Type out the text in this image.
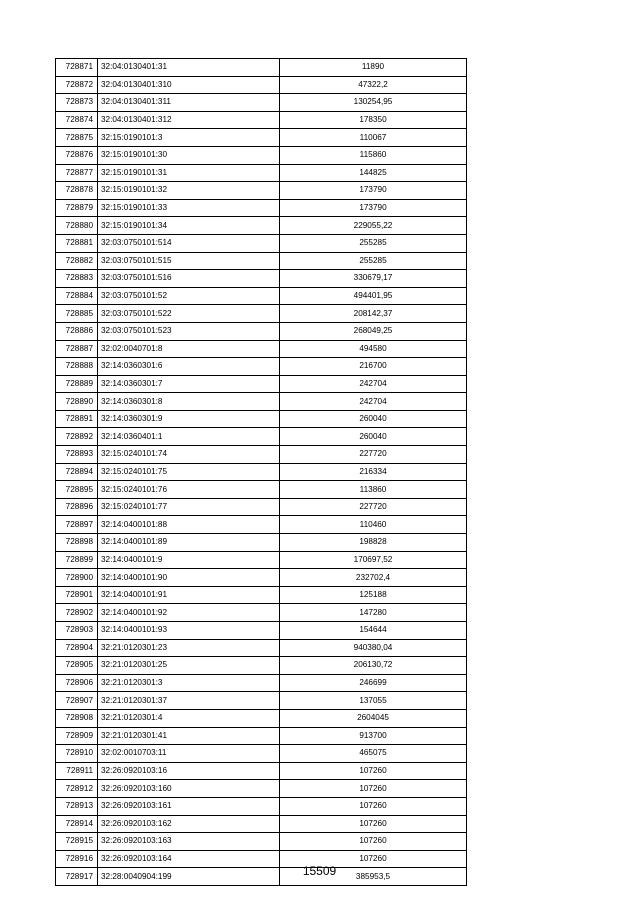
728871	32:04:0130401:31	11890
728872	32:04:0130401:310	47322,2
728873	32:04:0130401:311	130254,95
728874	32:04:0130401:312	178350
728875	32:15:0190101:3	110067
728876	32:15:0190101:30	115860
728877	32:15:0190101:31	144825
728878	32:15:0190101:32	173790
728879	32:15:0190101:33	173790
728880	32:15:0190101:34	229055,22
728881	32:03:0750101:514	255285
728882	32:03:0750101:515	255285
728883	32:03:0750101:516	330679,17
728884	32:03:0750101:52	494401,95
728885	32:03:0750101:522	208142,37
728886	32:03:0750101:523	268049,25
728887	32:02:0040701:8	494580
728888	32:14:0360301:6	216700
728889	32:14:0360301:7	242704
728890	32:14:0360301:8	242704
728891	32:14:0360301:9	260040
728892	32:14:0360401:1	260040
728893	32:15:0240101:74	227720
728894	32:15:0240101:75	216334
728895	32:15:0240101:76	113860
728896	32:15:0240101:77	227720
728897	32:14:0400101:88	110460
728898	32:14:0400101:89	198828
728899	32:14:0400101:9	170697,52
728900	32:14:0400101:90	232702,4
728901	32:14:0400101:91	125188
728902	32:14:0400101:92	147280
728903	32:14:0400101:93	154644
728904	32:21:0120301:23	940380,04
728905	32:21:0120301:25	206130,72
728906	32:21:0120301:3	246699
728907	32:21:0120301:37	137055
728908	32:21:0120301:4	2604045
728909	32:21:0120301:41	913700
728910	32:02:0010703:11	465075
728911	32:26:0920103:16	107260
728912	32:26:0920103:160	107260
728913	32:26:0920103:161	107260
728914	32:26:0920103:162	107260
728915	32:26:0920103:163	107260
728916	32:26:0920103:164	107260
728917	32:28:0040904:199	385953,5
15509
